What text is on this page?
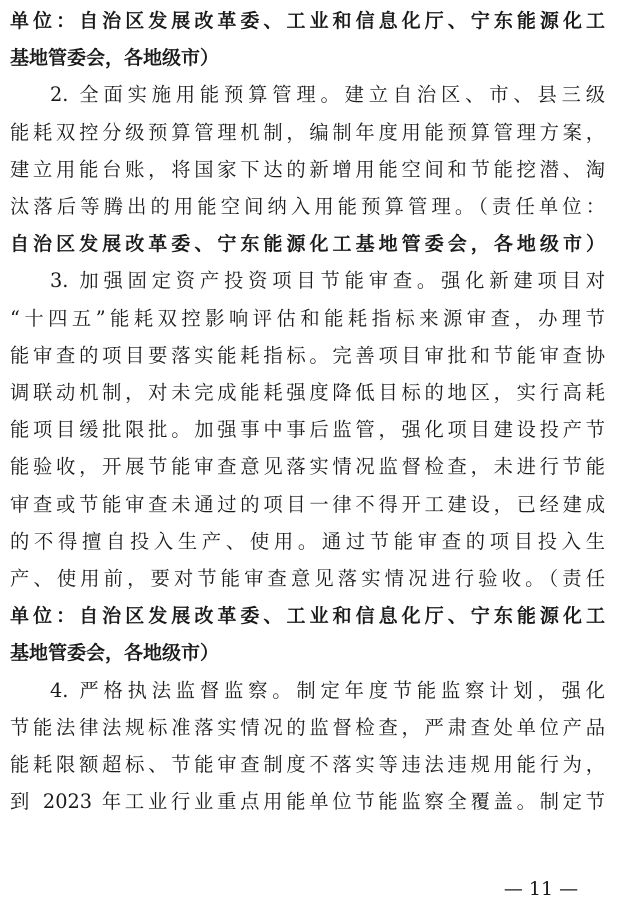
单位：自治区发展改革委、工业和信息化厅、宁东能源化工
基地管委会，各地级市）
2. 全面实施用能预算管理。建立自治区、市、县三级
能耗双控分级预算管理机制，编制年度用能预算管理方案，
建立用能台账，将国家下达的新增用能空间和节能挖潜、淘
汰落后等腾出的用能空间纳入用能预算管理。（责任单位：
自治区发展改革委、宁东能源化工基地管委会，各地级市）
3. 加强固定资产投资项目节能审查。强化新建项目对
“十四五”能耗双控影响评估和能耗指标来源审查，办理节
能审查的项目要落实能耗指标。完善项目审批和节能审查协
调联动机制，对未完成能耗强度降低目标的地区，实行高耗
能项目缓批限批。加强事中事后监管，强化项目建设投产节
能验收，开展节能审查意见落实情况监督检查，未进行节能
审查或节能审查未通过的项目一律不得开工建设，已经建成
的不得擅自投入生产、使用。通过节能审查的项目投入生
产、使用前，要对节能审查意见落实情况进行验收。（责任
单位：自治区发展改革委、工业和信息化厅、宁东能源化工
基地管委会，各地级市）
4. 严格执法监督监察。制定年度节能监察计划，强化
节能法律法规标准落实情况的监督检查，严肃查处单位产品
能耗限额超标、节能审查制度不落实等违法违规用能行为，
到 2023 年工业行业重点用能单位节能监察全覆盖。制定节
— 11 —
